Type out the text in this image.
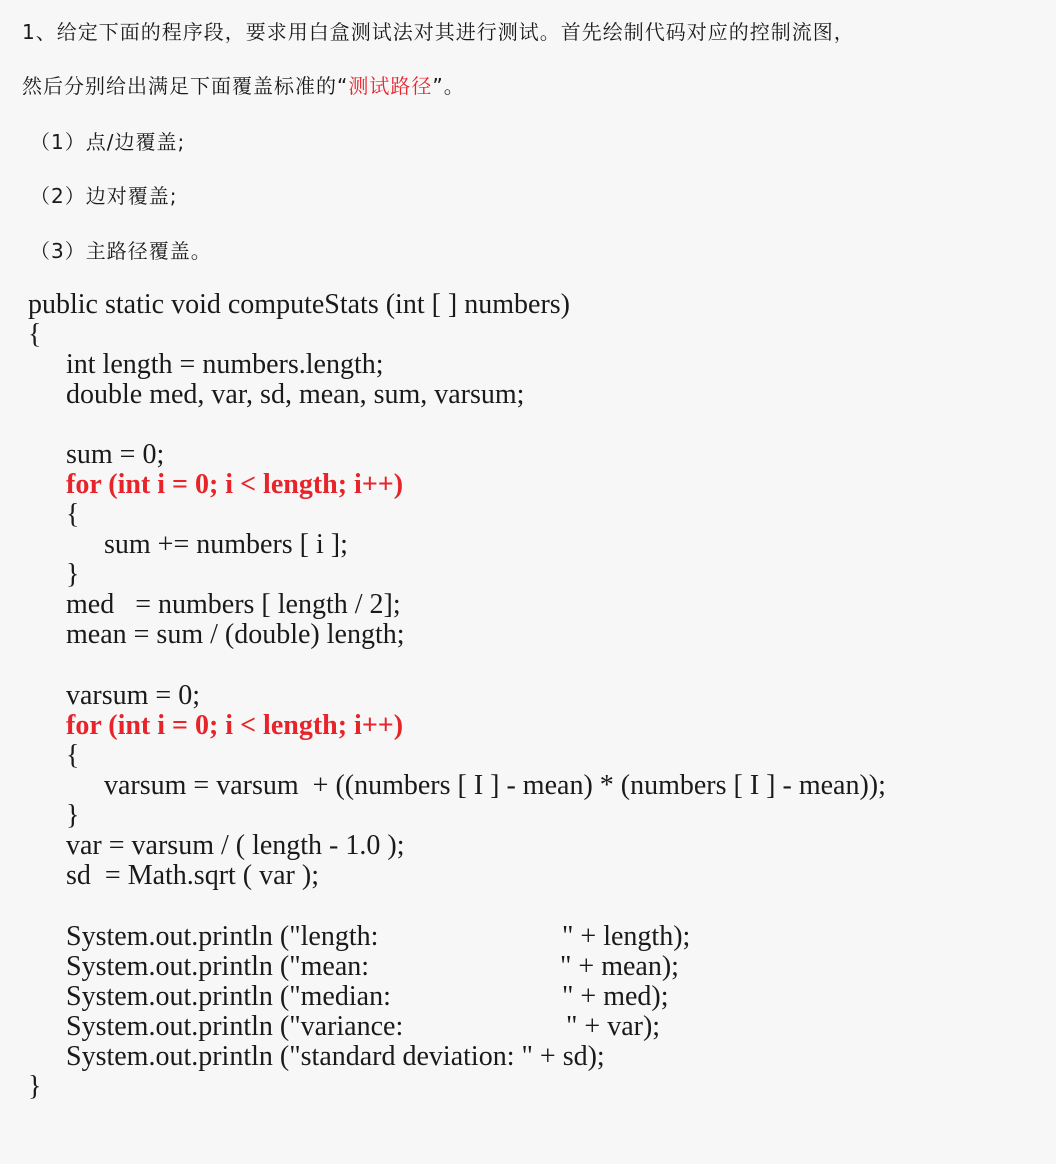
1、给定下面的程序段，要求用白盒测试法对其进行测试。首先绘制代码对应的控制流图，
然后分别给出满足下面覆盖标准的“测试路径”。
（1）点/边覆盖;
（2）边对覆盖;
（3）主路径覆盖。
public static void computeStats (int [ ] numbers)
{
int length = numbers.length;
double med, var, sd, mean, sum, varsum;
sum = 0;
for (int i = 0; i < length; i++)
{
sum += numbers [ i ];
}
med   = numbers [ length / 2];
mean = sum / (double) length;
varsum = 0;
for (int i = 0; i < length; i++)
{
varsum = varsum  + ((numbers [ I ] - mean) * (numbers [ I ] - mean));
}
var = varsum / ( length - 1.0 );
sd  = Math.sqrt ( var );
System.out.println ("length:	" + length);
System.out.println ("mean:	" + mean);
System.out.println ("median:	" + med);
System.out.println ("variance:	" + var);
System.out.println ("standard deviation: " + sd);
}
